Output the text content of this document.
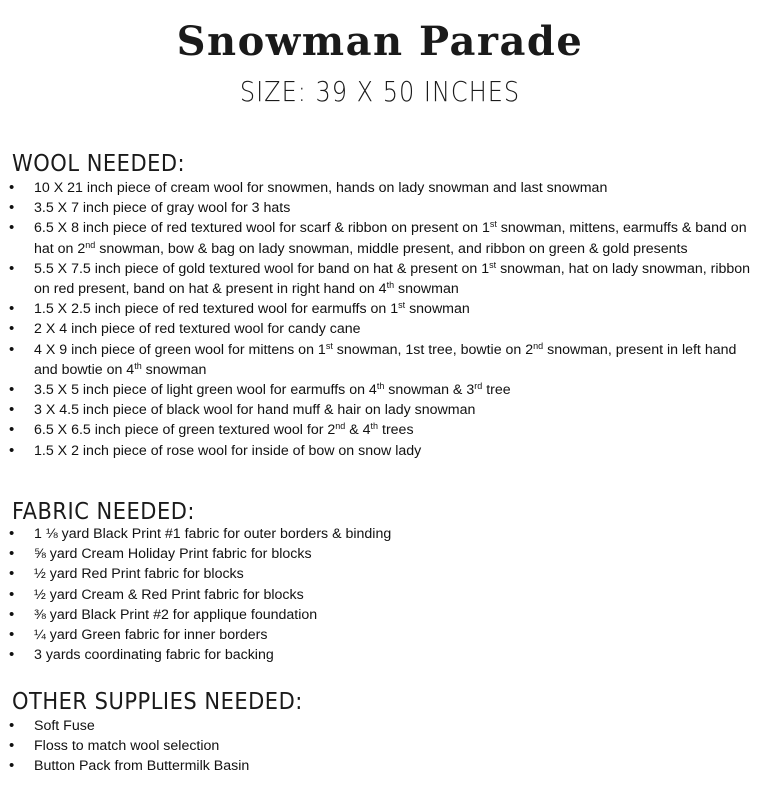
Snowman Parade
SIZE: 39 X 50 INCHES
WOOL NEEDED:
• 10 X 21 inch piece of cream wool for snowmen, hands on lady snowman and last snowman
• 3.5 X 7 inch piece of gray wool for 3 hats
• 6.5 X 8 inch piece of red textured wool for scarf & ribbon on present on 1st snowman, mittens, earmuffs & band on hat on 2nd snowman, bow & bag on lady snowman, middle present, and ribbon on green & gold presents
• 5.5 X 7.5 inch piece of gold textured wool for band on hat & present on 1st snowman, hat on lady snowman, ribbon on red present, band on hat & present in right hand on 4th snowman
• 1.5 X 2.5 inch piece of red textured wool for earmuffs on 1st snowman
• 2 X 4 inch piece of red textured wool for candy cane
• 4 X 9 inch piece of green wool for mittens on 1st snowman, 1st tree, bowtie on 2nd snowman, present in left hand and bowtie on 4th snowman
• 3.5 X 5 inch piece of light green wool for earmuffs on 4th snowman & 3rd tree
• 3 X 4.5 inch piece of black wool for hand muff & hair on lady snowman
• 6.5 X 6.5 inch piece of green textured wool for 2nd & 4th trees
• 1.5 X 2 inch piece of rose wool for inside of bow on snow lady
FABRIC NEEDED:
• 1 ⅛ yard Black Print #1 fabric for outer borders & binding
• ⅝ yard Cream Holiday Print fabric for blocks
• ½ yard Red Print fabric for blocks
• ½ yard Cream & Red Print fabric for blocks
• ⅜ yard Black Print #2 for applique foundation
• ¼ yard Green fabric for inner borders
• 3 yards coordinating fabric for backing
OTHER SUPPLIES NEEDED:
• Soft Fuse
• Floss to match wool selection
• Button Pack from Buttermilk Basin
